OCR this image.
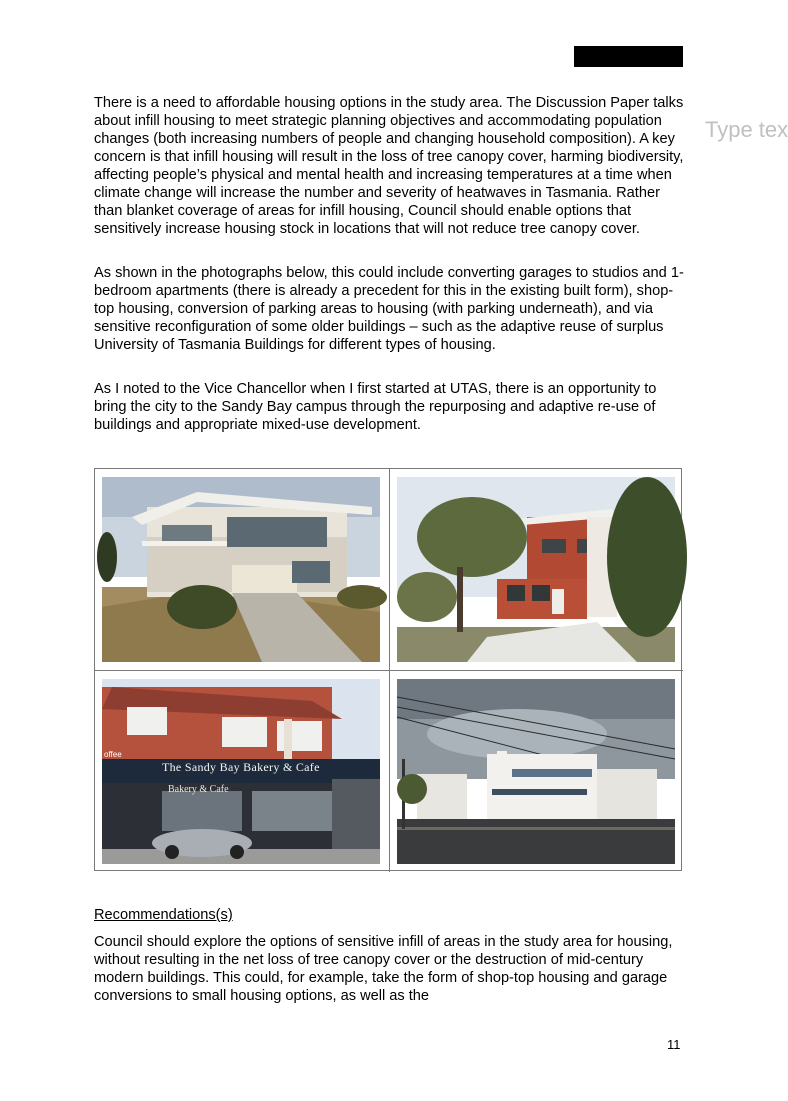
Type tex

There is a need to affordable housing options in the study area. The Discussion Paper talks about infill housing to meet strategic planning objectives and accommodating population changes (both increasing numbers of people and changing household composition). A key concern is that infill housing will result in the loss of tree canopy cover, harming biodiversity, affecting people’s physical and mental health and increasing temperatures at a time when climate change will increase the number and severity of heatwaves in Tasmania. Rather than blanket coverage of areas for infill housing, Council should enable options that sensitively increase housing stock in locations that will not reduce tree canopy cover.

As shown in the photographs below, this could include converting garages to studios and 1-bedroom apartments (there is already a precedent for this in the existing built form), shop-top housing, conversion of parking areas to housing (with parking underneath), and via sensitive reconfiguration of some older buildings – such as the adaptive reuse of surplus University of Tasmania Buildings for different types of housing.

As I noted to the Vice Chancellor when I first started at UTAS, there is an opportunity to bring the city to the Sandy Bay campus through the repurposing and adaptive re-use of buildings and appropriate mixed-use development.

The Sandy Bay Bakery & Cafe
Bakery & Cafe
offee
Recommendations(s)

Council should explore the options of sensitive infill of areas in the study area for housing, without resulting in the net loss of tree canopy cover or the destruction of mid-century modern buildings. This could, for example, take the form of shop-top housing and garage conversions to small housing options, as well as the

11
